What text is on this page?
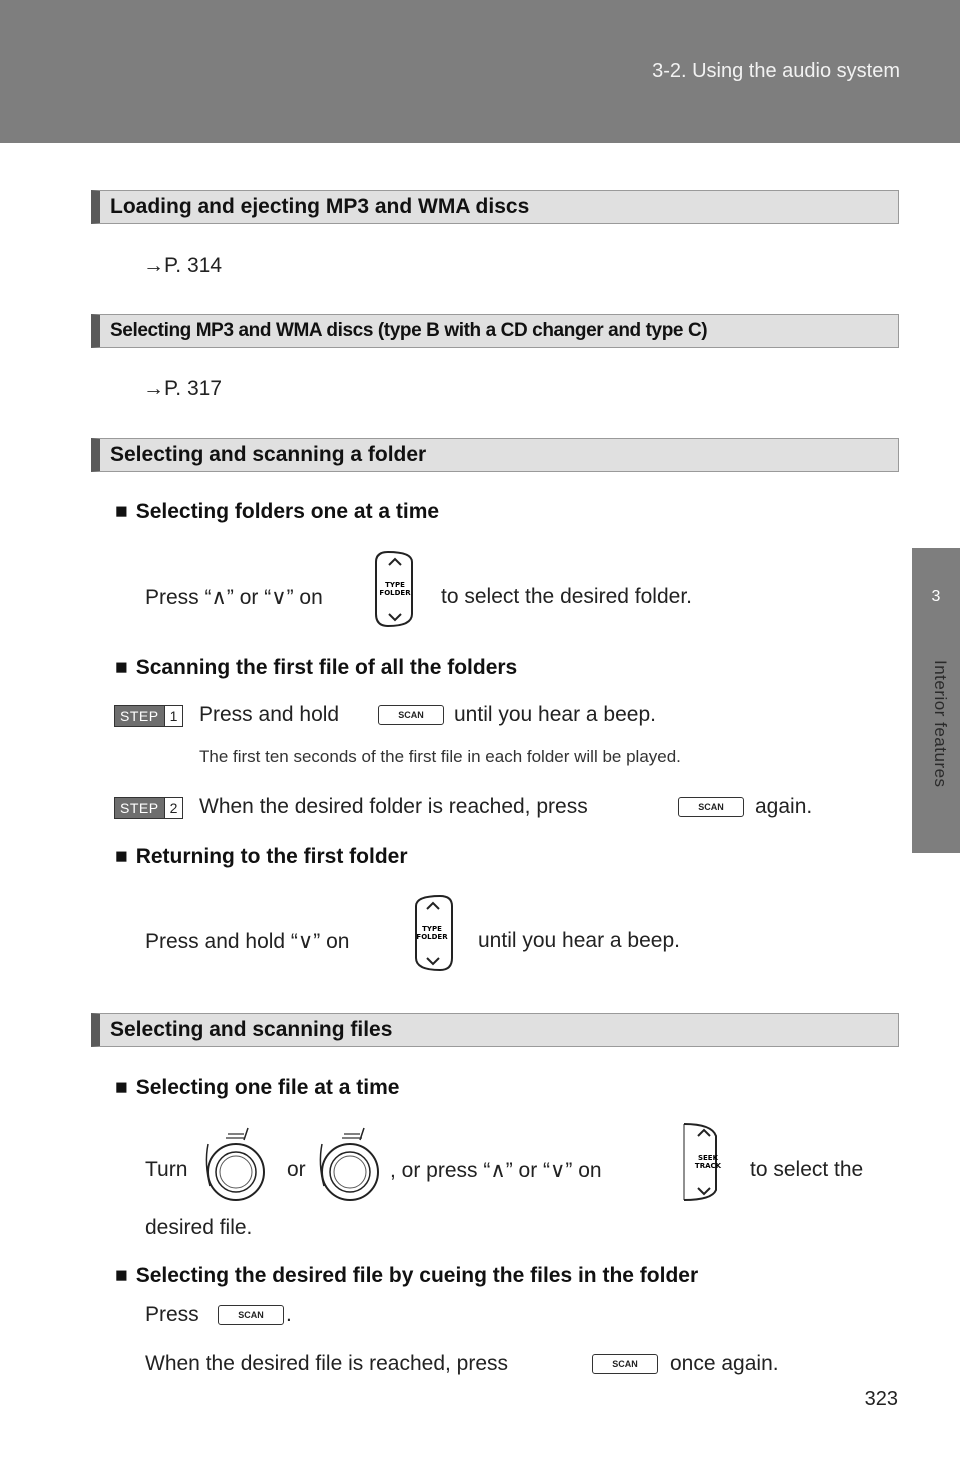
3-2. Using the audio system
3
Interior features
Loading and ejecting MP3 and WMA discs
→P. 314
Selecting MP3 and WMA discs (type B with a CD changer and type C)
→P. 317
Selecting and scanning a folder
■ Selecting folders one at a time
Press “∧” or “∨” on
TYPE
FOLDER to select the desired folder.
■ Scanning the first file of all the folders
STEP 1 Press and hold	SCAN	until you hear a beep.
The first ten seconds of the first file in each folder will be played.
STEP 2 When the desired folder is reached, press	SCAN	again.
■ Returning to the first folder
Press and hold “∨” on
TYPE
FOLDER until you hear a beep.
Selecting and scanning files
■ Selecting one file at a time
Turn	or	, or press “∧” or “∨” on
SEEK
TRACK to select the
desired file.
■ Selecting the desired file by cueing the files in the folder
Press	SCAN	.
When the desired file is reached, press	SCAN	once again.
323
